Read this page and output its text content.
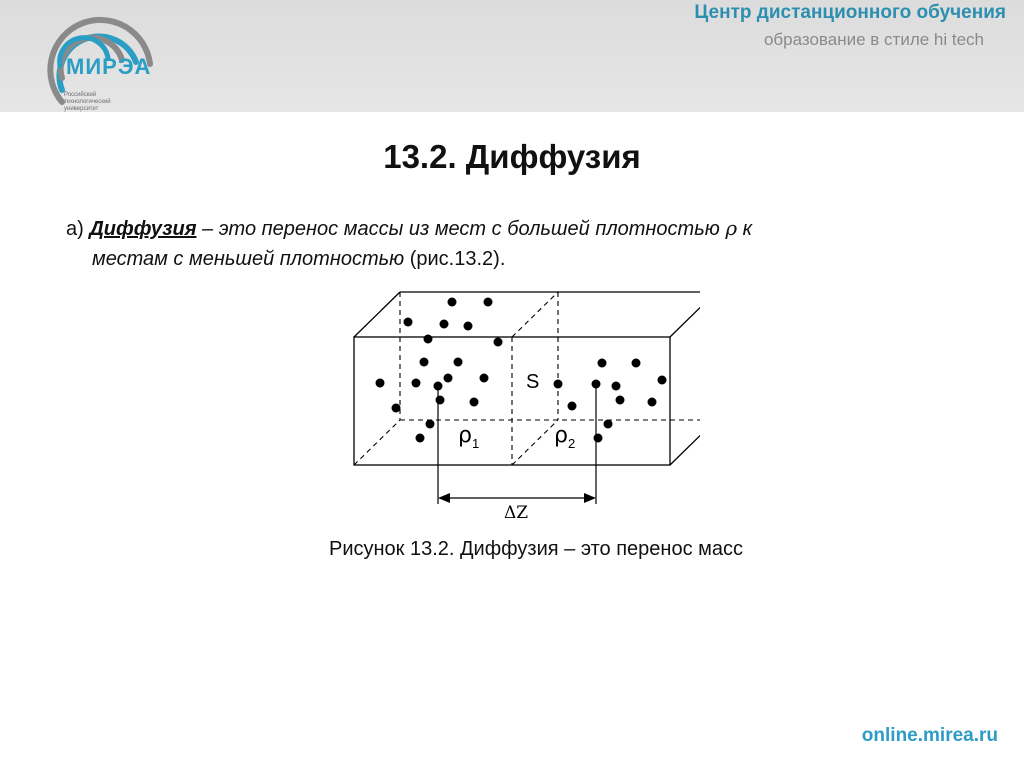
МИРЭА
Российский технологический университет
Центр дистанционного обучения
образование в стиле hi tech
13.2. Диффузия
а) Диффузия – это перенос массы из мест с большей плотностью ρ к
местам с меньшей плотностью (рис.13.2).
S
ρ 1	ρ 2
ΔZ
Рисунок 13.2. Диффузия – это перенос масс
online.mirea.ru
